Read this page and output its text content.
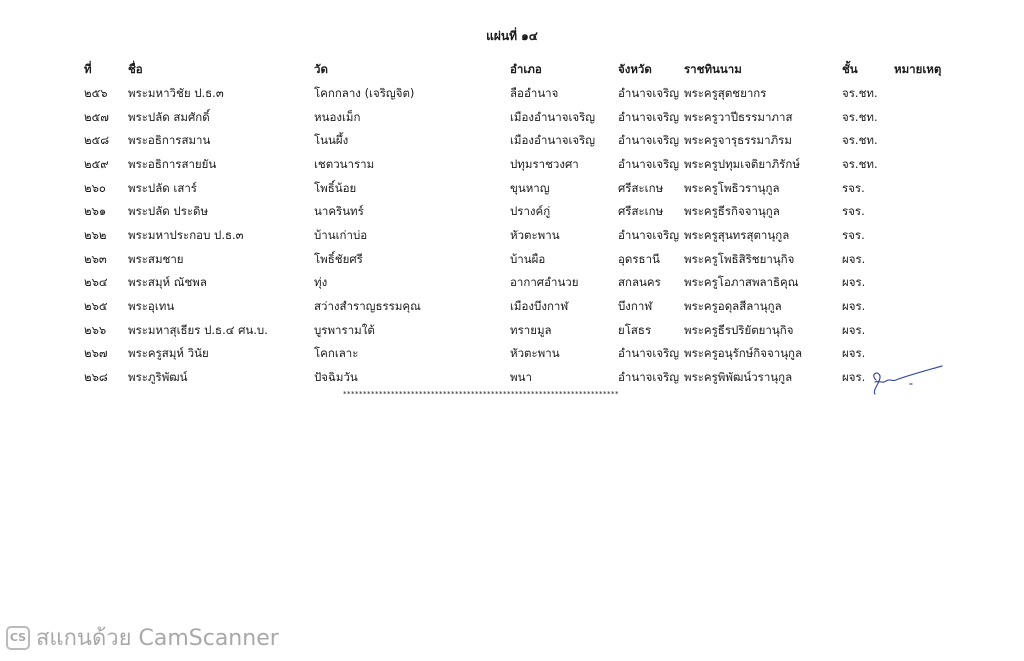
แผ่นที่ ๑๔
ที่	ชื่อ	วัด	อำเภอ	จังหวัด	ราชทินนาม	ชั้น	หมายเหตุ
๒๕๖	พระมหาวิชัย ป.ธ.๓	โคกกลาง (เจริญจิต)	ลืออำนาจ	อำนาจเจริญ	พระครูสุตชยากร	จร.ชท.	
๒๕๗	พระปลัด สมศักดิ์	หนองเม็ก	เมืองอำนาจเจริญ	อำนาจเจริญ	พระครูวาปีธรรมาภาส	จร.ชท.	
๒๕๘	พระอธิการสมาน	โนนผึ้ง	เมืองอำนาจเจริญ	อำนาจเจริญ	พระครูจารุธรรมาภิรม	จร.ชท.	
๒๕๙	พระอธิการสายยัน	เชตวนาราม	ปทุมราชวงศา	อำนาจเจริญ	พระครูปทุมเจติยาภิรักษ์	จร.ชท.	
๒๖๐	พระปลัด เสาร์	โพธิ์น้อย	ขุนหาญ	ศรีสะเกษ	พระครูโพธิวรานุกูล	รจร.	
๒๖๑	พระปลัด ประดิษ	นาครินทร์	ปรางค์กู่	ศรีสะเกษ	พระครูธีรกิจจานุกูล	รจร.	
๒๖๒	พระมหาประกอบ ป.ธ.๓	บ้านเก่าบ่อ	หัวตะพาน	อำนาจเจริญ	พระครูสุนทรสุตานุกูล	รจร.	
๒๖๓	พระสมชาย	โพธิ์ชัยศรี	บ้านผือ	อุดรธานี	พระครูโพธิสิริชยานุกิจ	ผจร.	
๒๖๔	พระสมุห์ ณัชพล	ทุ่ง	อากาศอำนวย	สกลนคร	พระครูโอภาสพลาธิคุณ	ผจร.	
๒๖๕	พระอุเทน	สว่างสำราญธรรมคุณ	เมืองบึงกาฬ	บึงกาฬ	พระครูอดุลสีลานุกูล	ผจร.	
๒๖๖	พระมหาสุเธียร ป.ธ.๔ ศน.บ.	บูรพารามใต้	ทรายมูล	ยโสธร	พระครูธีรปริยัตยานุกิจ	ผจร.	
๒๖๗	พระครูสมุห์ วินัย	โคกเลาะ	หัวตะพาน	อำนาจเจริญ	พระครูอนุรักษ์กิจจานุกูล	ผจร.	
๒๖๘	พระภูริพัฒน์	ปัจฉิมวัน	พนา	อำนาจเจริญ	พระครูพิพัฒน์วรานุกูล	ผจร.	
*********************************************************************
CS สแกนด้วย CamScanner
